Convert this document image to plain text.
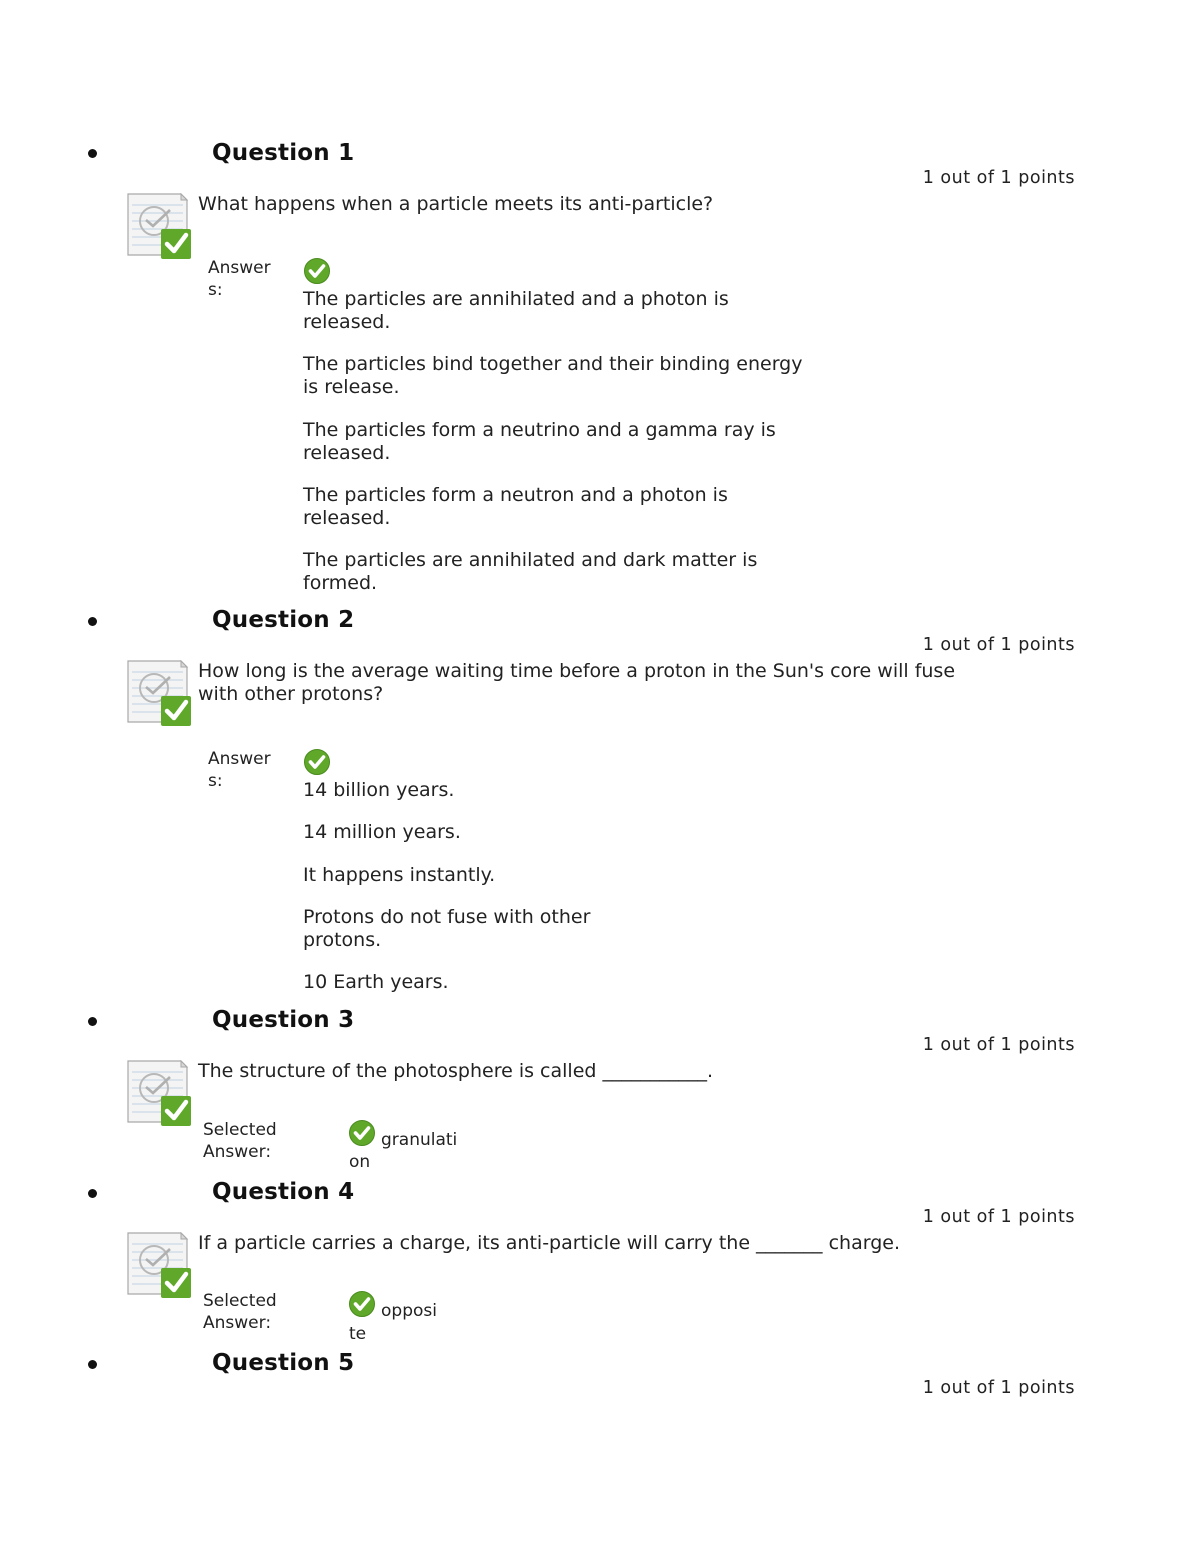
Question 1
1 out of 1 points
What happens when a particle meets its anti-particle?
Answer
s:	The particles are annihilated and a photon is
released.
The particles bind together and their binding energy
is release.
The particles form a neutrino and a gamma ray is
released.
The particles form a neutron and a photon is
released.
The particles are annihilated and dark matter is
formed.
Question 2
1 out of 1 points
How long is the average waiting time before a proton in the Sun's core will fuse
with other protons?
Answer
s:	14 billion years.
14 million years.
It happens instantly.
Protons do not fuse with other
protons.
10 Earth years.
Question 3
1 out of 1 points
The structure of the photosphere is called ___________.
Selected
Answer:
granulati
on
Question 4
1 out of 1 points
If a particle carries a charge, its anti-particle will carry the _______ charge.
Selected
Answer:
opposi
te
Question 5
1 out of 1 points
